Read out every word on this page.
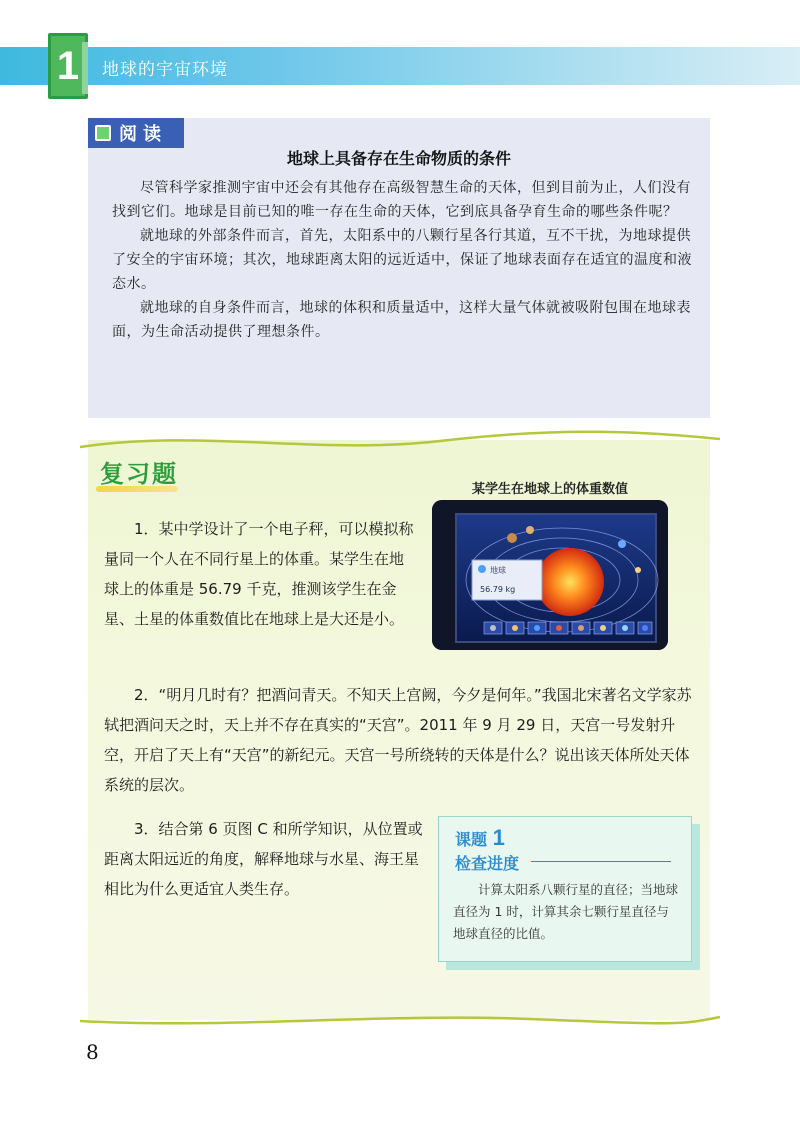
1	地球的宇宙环境
阅读
地球上具备存在生命物质的条件

尽管科学家推测宇宙中还会有其他存在高级智慧生命的天体，但到目前为止，人们没有找到它们。地球是目前已知的唯一存在生命的天体，它到底具备孕育生命的哪些条件呢？

就地球的外部条件而言，首先，太阳系中的八颗行星各行其道，互不干扰，为地球提供了安全的宇宙环境；其次，地球距离太阳的远近适中，保证了地球表面存在适宜的温度和液态水。

就地球的自身条件而言，地球的体积和质量适中，这样大量气体就被吸附包围在地球表面，为生命活动提供了理想条件。

复习题

1．某中学设计了一个电子秤，可以模拟称量同一个人在不同行星上的体重。某学生在地球上的体重是 56.79 千克，推测该学生在金星、土星的体重数值比在地球上是大还是小。

某学生在地球上的体重数值
地球
56.79 kg

2．“明月几时有？把酒问青天。不知天上宫阙，今夕是何年。”我国北宋著名文学家苏轼把酒问天之时，天上并不存在真实的“天宫”。2011 年 9 月 29 日，天宫一号发射升空，开启了天上有“天宫”的新纪元。天宫一号所绕转的天体是什么？说出该天体所处天体系统的层次。

3．结合第 6 页图 C 和所学知识，从位置或距离太阳远近的角度，解释地球与水星、海王星相比为什么更适宜人类生存。

课题 1
检查进度
计算太阳系八颗行星的直径；当地球直径为 1 时，计算其余七颗行星直径与地球直径的比值。
8
